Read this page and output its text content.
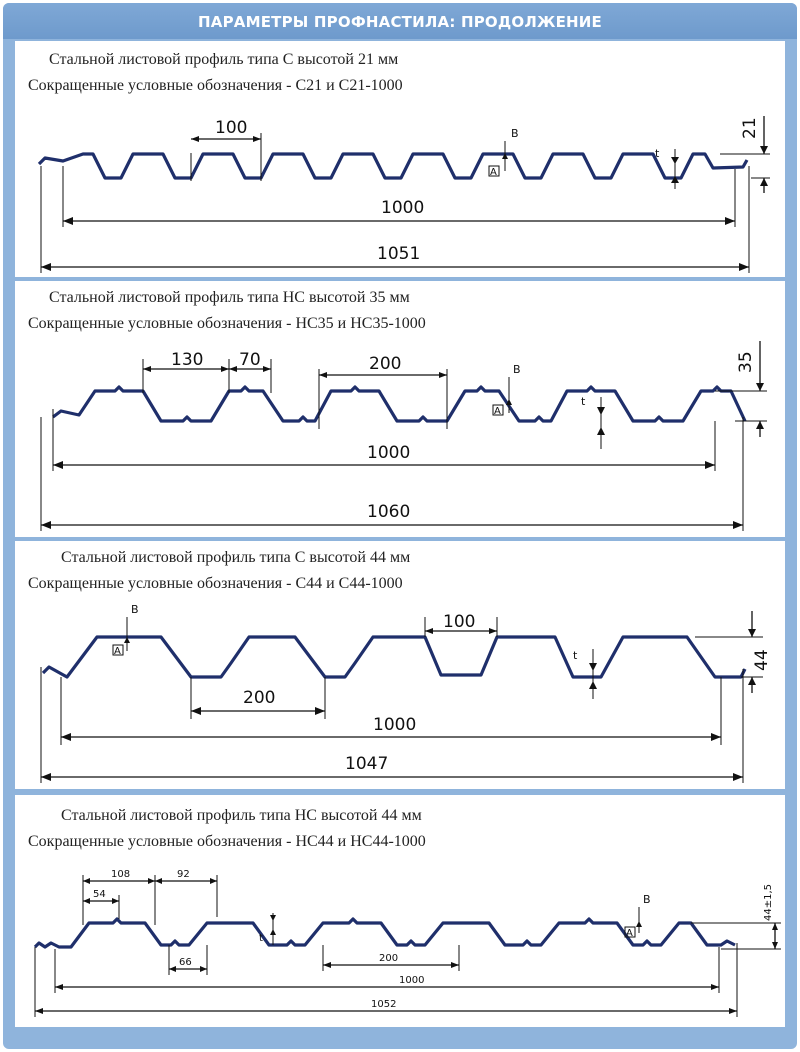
ПАРАМЕТРЫ ПРОФНАСТИЛА: ПРОДОЛЖЕНИЕ
Стальной листовой профиль типа С высотой 21 мм
Сокращенные условные обозначения - С21 и С21-1000
100	B
A
t
21
1000
1051
Стальной листовой профиль типа НС высотой 35 мм
Сокращенные условные обозначения - НС35 и НС35-1000
130 70	200	B
A
t
35
1000
1060
Стальной листовой профиль типа С высотой 44 мм
Сокращенные условные обозначения - С44 и С44-1000
B
A
100
t	44
200
1000
1047
Стальной листовой профиль типа НС высотой 44 мм
Сокращенные условные обозначения - НС44 и НС44-1000
108	92
54
66
t
200
B
A
44±1,5
1000
1052
